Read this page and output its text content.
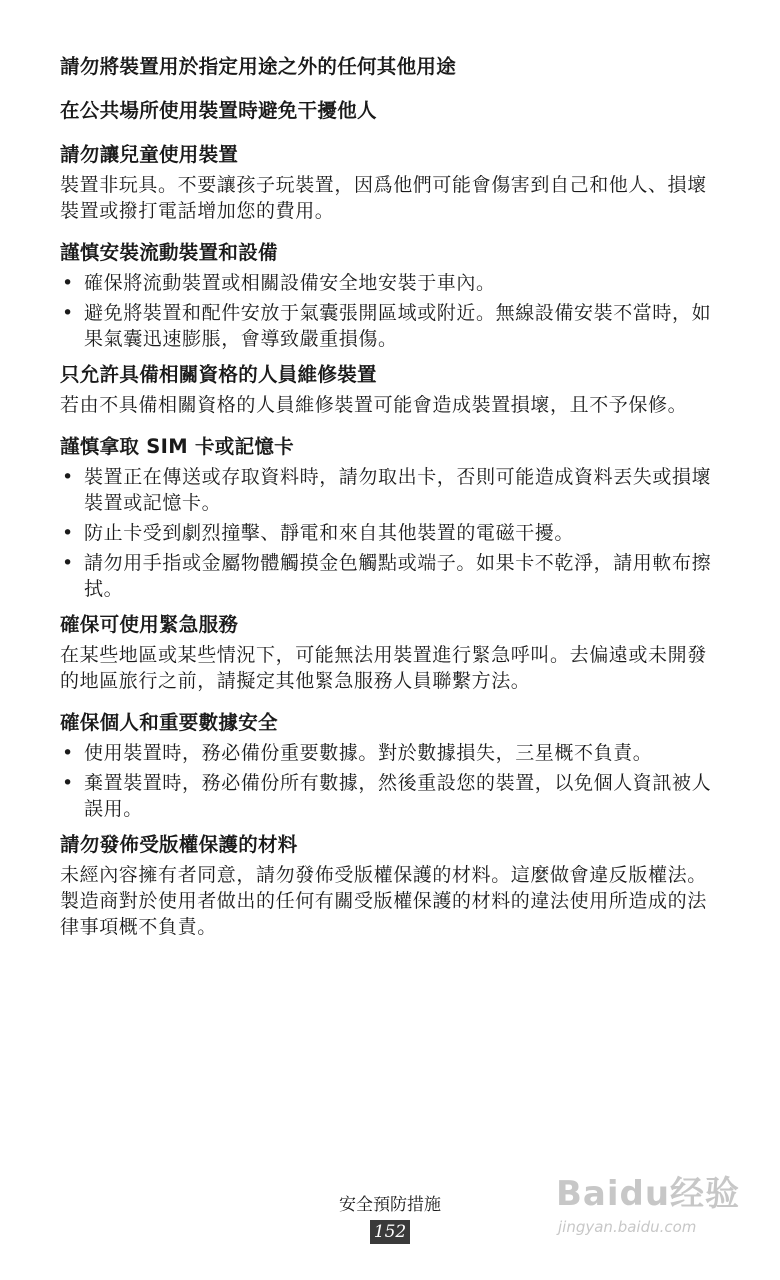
請勿將裝置用於指定用途之外的任何其他用途
在公共場所使用裝置時避免干擾他人
請勿讓兒童使用裝置

裝置非玩具。不要讓孩子玩裝置，因爲他們可能會傷害到自己和他人、損壞裝置或撥打電話增加您的費用。

謹慎安裝流動裝置和設備
• 確保將流動裝置或相關設備安全地安裝于車內。
• 避免將裝置和配件安放于氣囊張開區域或附近。無線設備安裝不當時，如果氣囊迅速膨脹，會導致嚴重損傷。
只允許具備相關資格的人員維修裝置

若由不具備相關資格的人員維修裝置可能會造成裝置損壞，且不予保修。

謹慎拿取 SIM 卡或記憶卡
• 裝置正在傳送或存取資料時，請勿取出卡，否則可能造成資料丟失或損壞裝置或記憶卡。
• 防止卡受到劇烈撞擊、靜電和來自其他裝置的電磁干擾。
• 請勿用手指或金屬物體觸摸金色觸點或端子。如果卡不乾淨，請用軟布擦拭。
確保可使用緊急服務

在某些地區或某些情況下，可能無法用裝置進行緊急呼叫。去偏遠或未開發的地區旅行之前，請擬定其他緊急服務人員聯繫方法。

確保個人和重要數據安全
• 使用裝置時，務必備份重要數據。對於數據損失，三星概不負責。
• 棄置裝置時，務必備份所有數據，然後重設您的裝置，以免個人資訊被人誤用。
請勿發佈受版權保護的材料

未經內容擁有者同意，請勿發佈受版權保護的材料。這麼做會違反版權法。製造商對於使用者做出的任何有關受版權保護的材料的違法使用所造成的法律事項概不負責。

安全預防措施
152
Baidu经验
jingyan.baidu.com
